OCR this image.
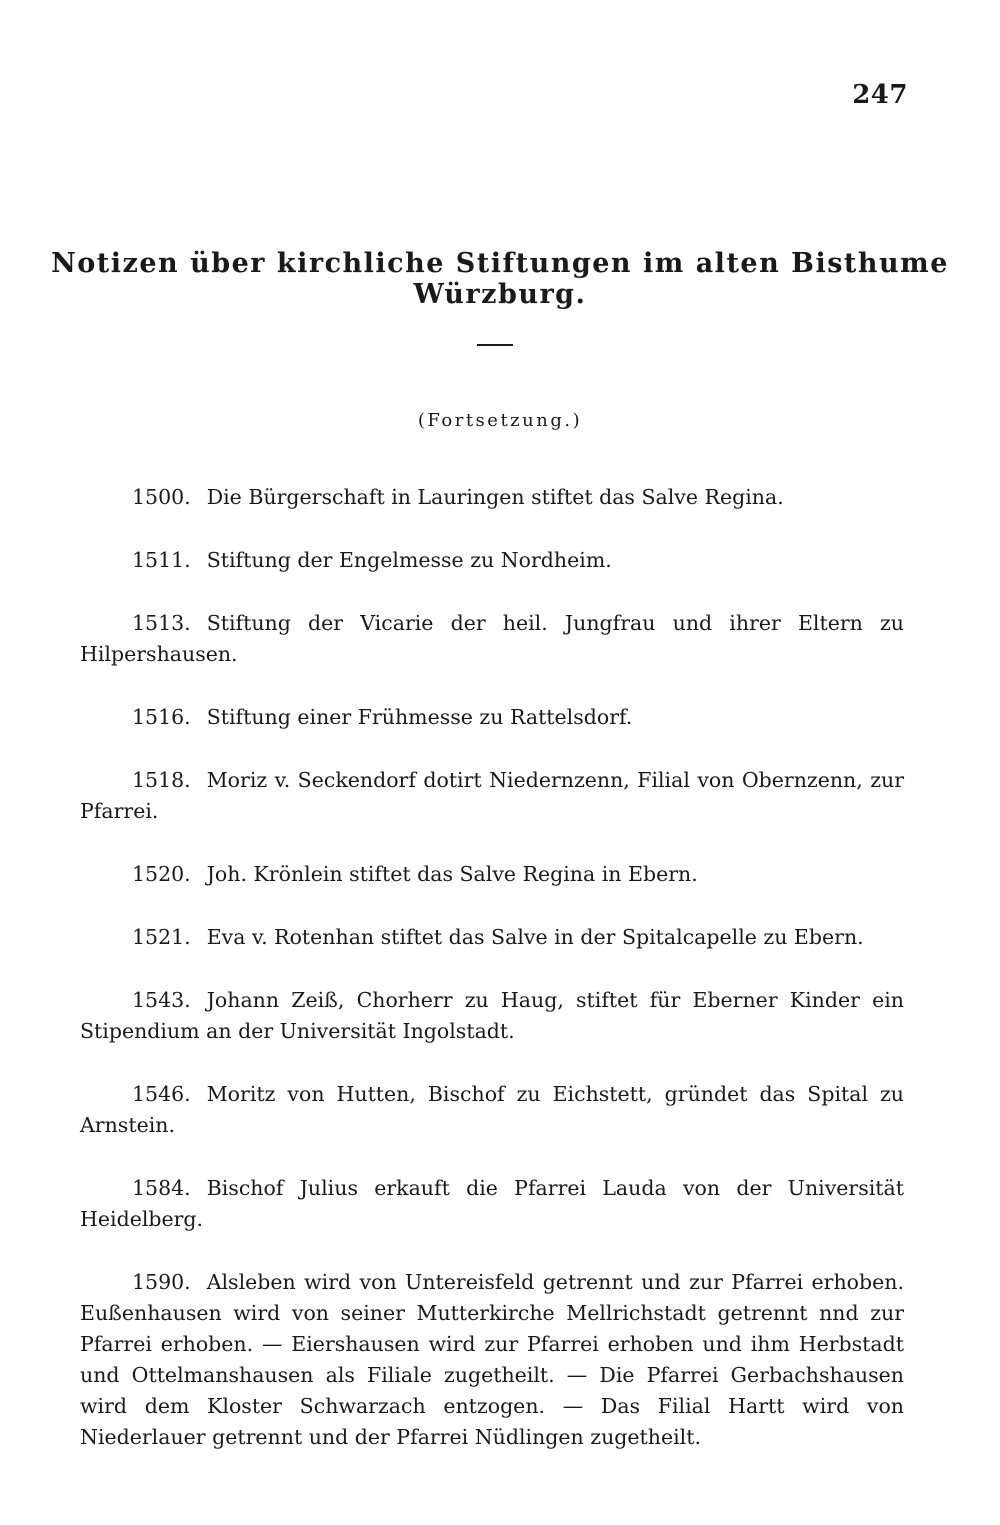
247
Notizen über kirchliche Stiftungen im alten Bisthume Würzburg.
(Fortsetzung.)

1500. Die Bürgerschaft in Lauringen stiftet das Salve Regina.

1511. Stiftung der Engelmesse zu Nordheim.

1513. Stiftung der Vicarie der heil. Jungfrau und ihrer Eltern zu Hilpershausen.

1516. Stiftung einer Frühmesse zu Rattelsdorf.

1518. Moriz v. Seckendorf dotirt Niedernzenn, Filial von Obernzenn, zur Pfarrei.

1520. Joh. Krönlein stiftet das Salve Regina in Ebern.

1521. Eva v. Rotenhan stiftet das Salve in der Spitalcapelle zu Ebern.

1543. Johann Zeiß, Chorherr zu Haug, stiftet für Eberner Kinder ein Stipendium an der Universität Ingolstadt.

1546. Moritz von Hutten, Bischof zu Eichstett, gründet das Spital zu Arnstein.

1584. Bischof Julius erkauft die Pfarrei Lauda von der Universität Heidelberg.

1590. Alsleben wird von Untereisfeld getrennt und zur Pfarrei erhoben. Eußenhausen wird von seiner Mutterkirche Mellrichstadt getrennt nnd zur Pfarrei erhoben. — Eiershausen wird zur Pfarrei erhoben und ihm Herbstadt und Ottelmanshausen als Filiale zugetheilt. — Die Pfarrei Gerbachshausen wird dem Kloster Schwarzach entzogen. — Das Filial Hartt wird von Niederlauer getrennt und der Pfarrei Nüdlingen zugetheilt.
